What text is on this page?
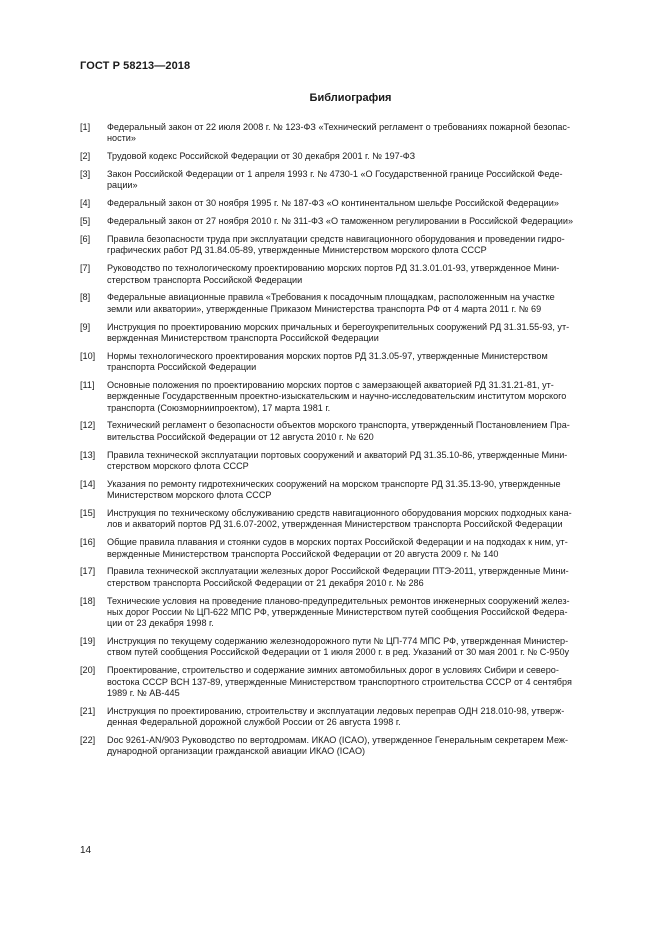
ГОСТ Р 58213—2018
Библиография
[1]	Федеральный закон от 22 июля 2008 г. № 123-ФЗ «Технический регламент о требованиях пожарной безопас-
ности»
[2]	Трудовой кодекс Российской Федерации от 30 декабря 2001 г. № 197-ФЗ
[3]	Закон Российской Федерации от 1 апреля 1993 г. № 4730-1 «О Государственной границе Российской Феде-
рации»
[4]	Федеральный закон от 30 ноября 1995 г. № 187-ФЗ «О континентальном шельфе Российской Федерации»
[5]	Федеральный закон от 27 ноября 2010 г. № 311-ФЗ «О таможенном регулировании в Российской Федерации»
[6]	Правила безопасности труда при эксплуатации средств навигационного оборудования и проведении гидро-
графических работ РД 31.84.05-89, утвержденные Министерством морского флота СССР
[7]	Руководство по технологическому проектированию морских портов РД 31.3.01.01-93, утвержденное Мини-
стерством транспорта Российской Федерации
[8]	Федеральные авиационные правила «Требования к посадочным площадкам, расположенным на участке
земли или акватории», утвержденные Приказом Министерства транспорта РФ от 4 марта 2011 г. № 69
[9]	Инструкция по проектированию морских причальных и берегоукрепительных сооружений РД 31.31.55-93, ут-
вержденная Министерством транспорта Российской Федерации
[10]	Нормы технологического проектирования морских портов РД 31.3.05-97, утвержденные Министерством
транспорта Российской Федерации
[11]	Основные положения по проектированию морских портов с замерзающей акваторией РД 31.31.21-81, ут-
вержденные Государственным проектно-изыскательским и научно-исследовательским институтом морского
транспорта (Союзморниипроектом), 17 марта 1981 г.
[12]	Технический регламент о безопасности объектов морского транспорта, утвержденный Постановлением Пра-
вительства Российской Федерации от 12 августа 2010 г. № 620
[13]	Правила технической эксплуатации портовых сооружений и акваторий РД 31.35.10-86, утвержденные Мини-
стерством морского флота СССР
[14]	Указания по ремонту гидротехнических сооружений на морском транспорте РД 31.35.13-90, утвержденные
Министерством морского флота СССР
[15]	Инструкция по техническому обслуживанию средств навигационного оборудования морских подходных кана-
лов и акваторий портов РД 31.6.07-2002, утвержденная Министерством транспорта Российской Федерации
[16]	Общие правила плавания и стоянки судов в морских портах Российской Федерации и на подходах к ним, ут-
вержденные Министерством транспорта Российской Федерации от 20 августа 2009 г. № 140
[17]	Правила технической эксплуатации железных дорог Российской Федерации ПТЭ-2011, утвержденные Мини-
стерством транспорта Российской Федерации от 21 декабря 2010 г. № 286
[18]	Технические условия на проведение планово-предупредительных ремонтов инженерных сооружений желез-
ных дорог России № ЦП-622 МПС РФ, утвержденные Министерством путей сообщения Российской Федера-
ции от 23 декабря 1998 г.
[19]	Инструкция по текущему содержанию железнодорожного пути № ЦП-774 МПС РФ, утвержденная Министер-
ством путей сообщения Российской Федерации от 1 июля 2000 г. в ред. Указаний от 30 мая 2001 г. № С-950у
[20]	Проектирование, строительство и содержание зимних автомобильных дорог в условиях Сибири и северо-
востока СССР ВСН 137-89, утвержденные Министерством транспортного строительства СССР от 4 сентября
1989 г. № АВ-445
[21]	Инструкция по проектированию, строительству и эксплуатации ледовых переправ ОДН 218.010-98, утверж-
денная Федеральной дорожной службой России от 26 августа 1998 г.
[22]	Doc 9261-AN/903 Руководство по вертодромам. ИКАО (ICAO), утвержденное Генеральным секретарем Меж-
дународной организации гражданской авиации ИКАО (ICAO)
14
